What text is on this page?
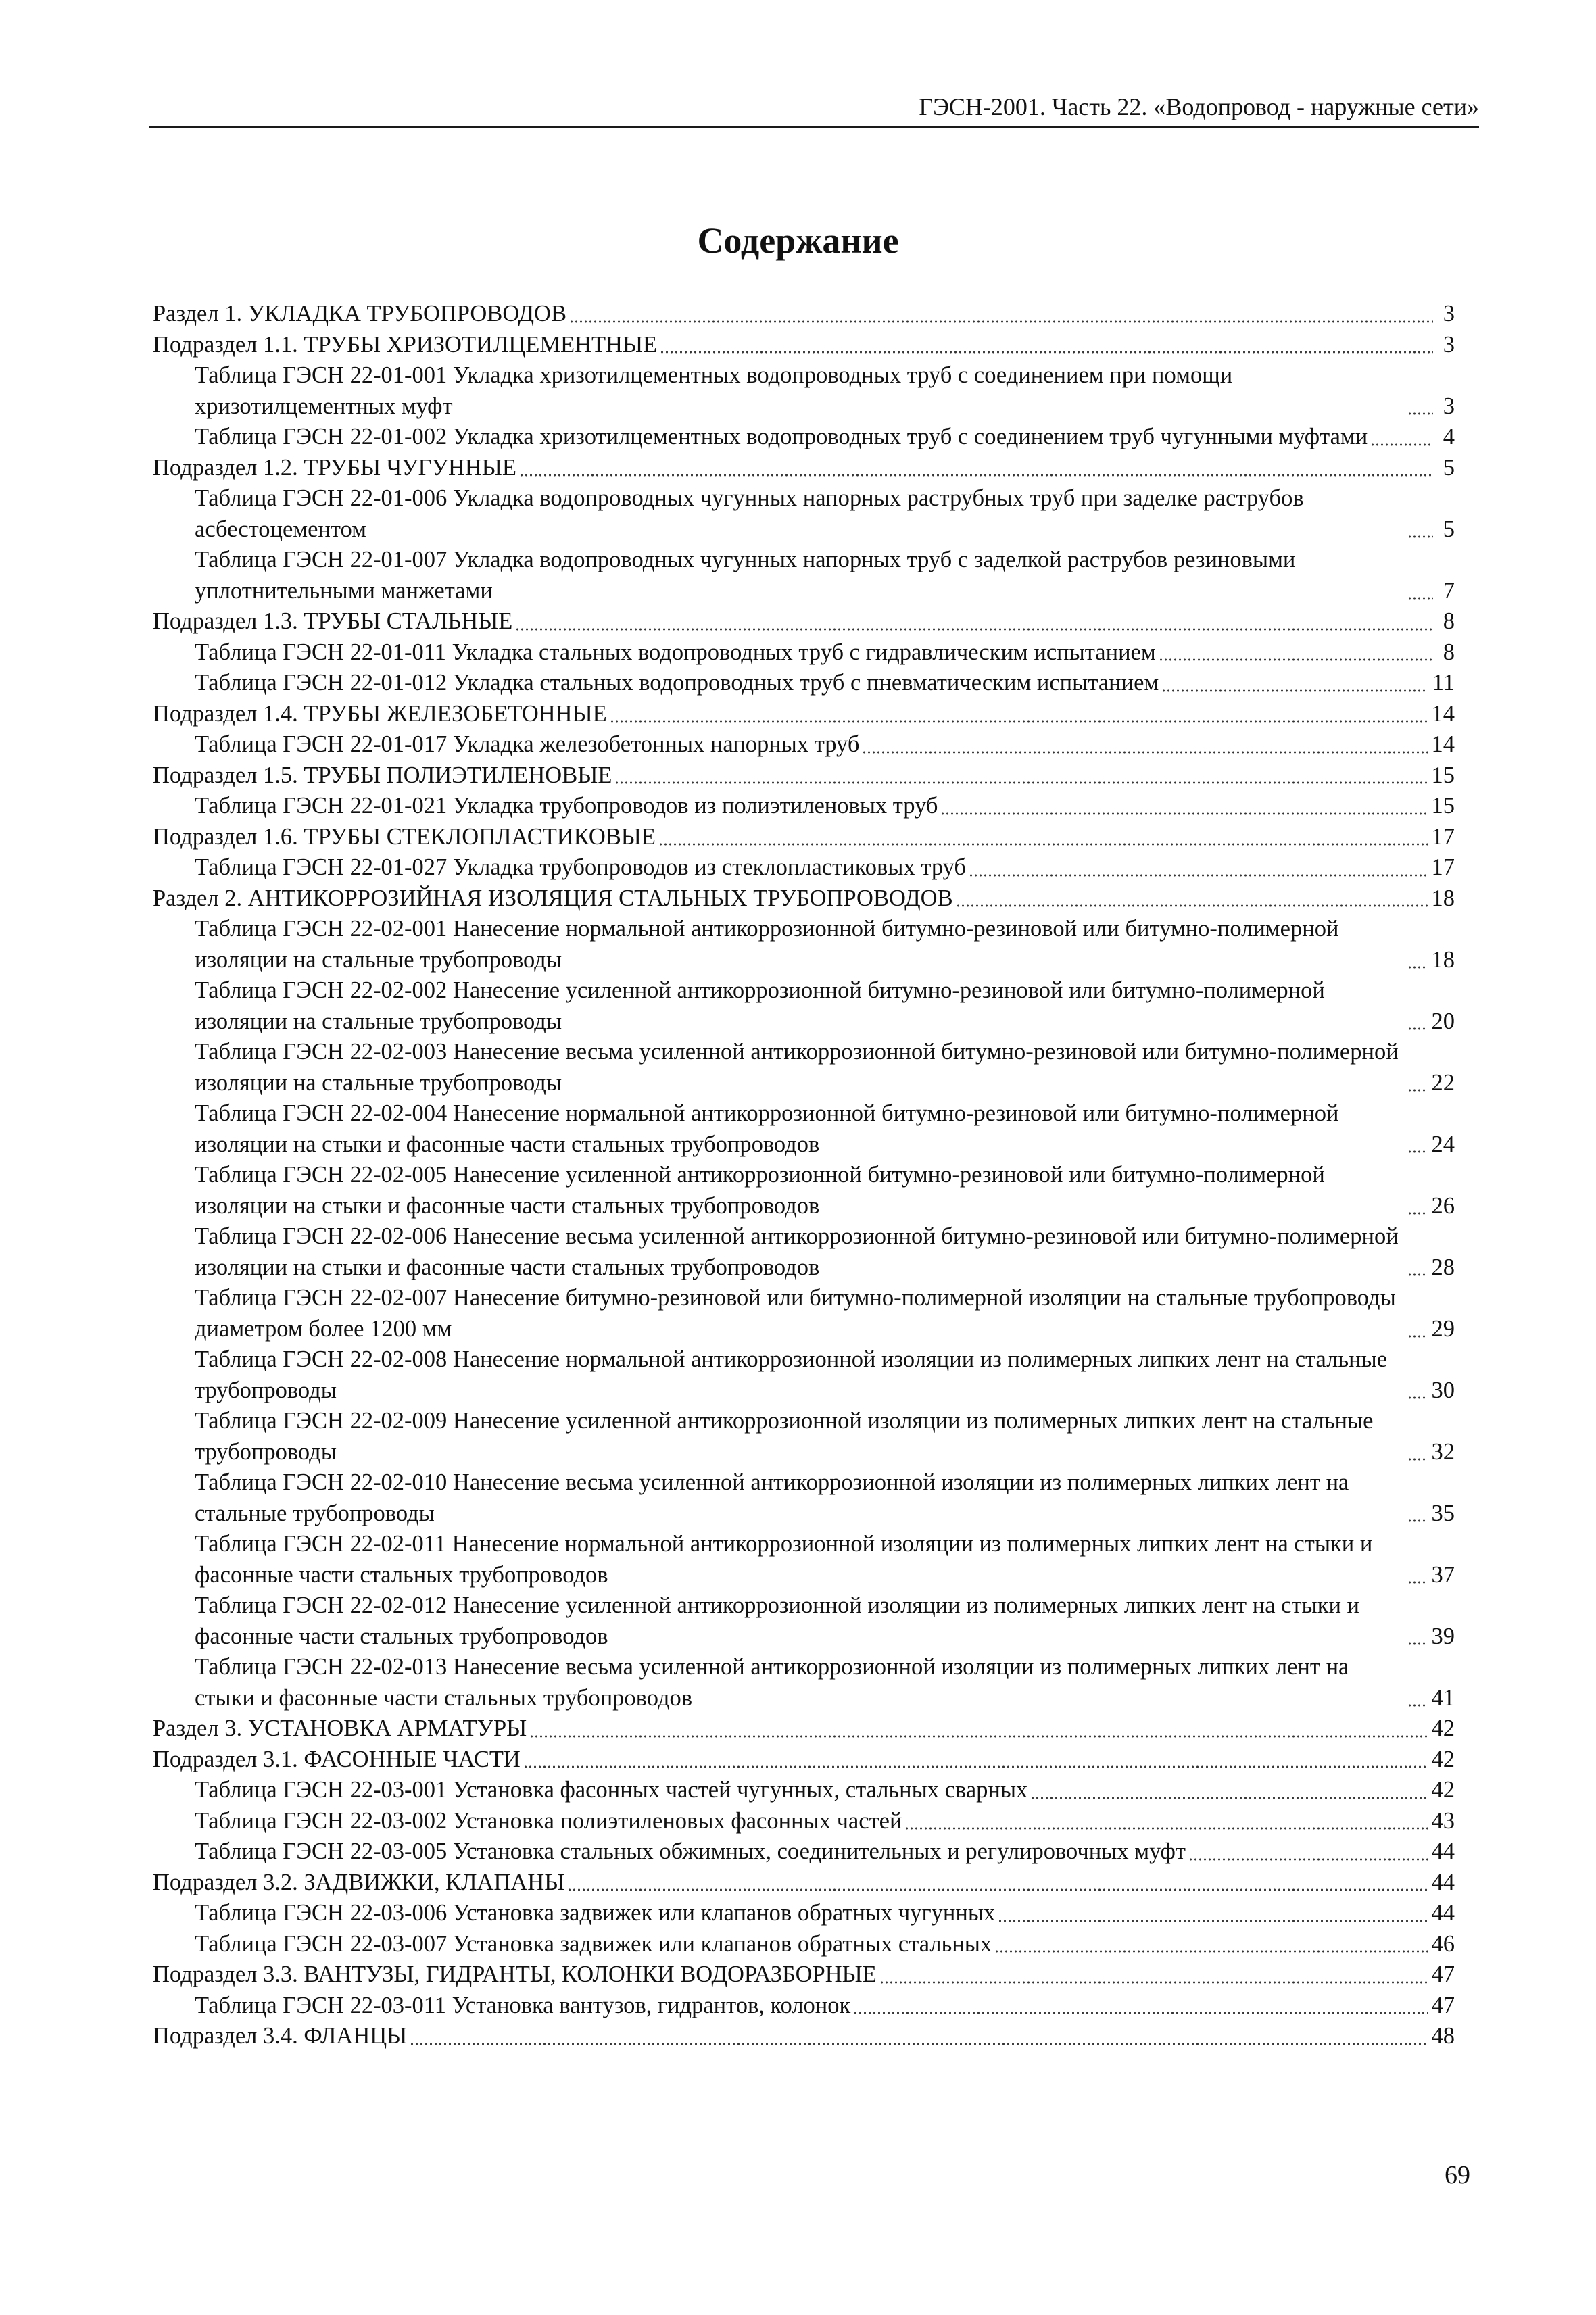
ГЭСН-2001. Часть 22. «Водопровод - наружные сети»
Содержание
Раздел 1. УКЛАДКА ТРУБОПРОВОДОВ	3
Подраздел 1.1. ТРУБЫ ХРИЗОТИЛЦЕМЕНТНЫЕ	3
Таблица ГЭСН 22-01-001 Укладка хризотилцементных водопроводных труб с соединением при помощи хризотилцементных муфт	3
Таблица ГЭСН 22-01-002 Укладка хризотилцементных водопроводных труб с соединением труб чугунными муфтами	4
Подраздел 1.2. ТРУБЫ ЧУГУННЫЕ	5
Таблица ГЭСН 22-01-006 Укладка водопроводных чугунных напорных раструбных труб при заделке раструбов асбестоцементом	5
Таблица ГЭСН 22-01-007 Укладка водопроводных чугунных напорных труб с заделкой раструбов резиновыми уплотнительными манжетами	7
Подраздел 1.3. ТРУБЫ СТАЛЬНЫЕ	8
Таблица ГЭСН 22-01-011 Укладка стальных водопроводных труб с гидравлическим испытанием	8
Таблица ГЭСН 22-01-012 Укладка стальных водопроводных труб с пневматическим испытанием	11
Подраздел 1.4. ТРУБЫ ЖЕЛЕЗОБЕТОННЫЕ	14
Таблица ГЭСН 22-01-017 Укладка железобетонных напорных труб	14
Подраздел 1.5. ТРУБЫ ПОЛИЭТИЛЕНОВЫЕ	15
Таблица ГЭСН 22-01-021 Укладка трубопроводов из полиэтиленовых труб	15
Подраздел 1.6. ТРУБЫ СТЕКЛОПЛАСТИКОВЫЕ	17
Таблица ГЭСН 22-01-027 Укладка трубопроводов из стеклопластиковых труб	17
Раздел 2. АНТИКОРРОЗИЙНАЯ ИЗОЛЯЦИЯ СТАЛЬНЫХ ТРУБОПРОВОДОВ	18
Таблица ГЭСН 22-02-001 Нанесение нормальной антикоррозионной битумно-резиновой или битумно-полимерной изоляции на стальные трубопроводы	18
Таблица ГЭСН 22-02-002 Нанесение усиленной антикоррозионной битумно-резиновой или битумно-полимерной изоляции на стальные трубопроводы	20
Таблица ГЭСН 22-02-003 Нанесение весьма усиленной антикоррозионной битумно-резиновой или битумно-полимерной изоляции на стальные трубопроводы	22
Таблица ГЭСН 22-02-004 Нанесение нормальной антикоррозионной битумно-резиновой или битумно-полимерной изоляции на стыки и фасонные части стальных трубопроводов	24
Таблица ГЭСН 22-02-005 Нанесение усиленной антикоррозионной битумно-резиновой или битумно-полимерной изоляции на стыки и фасонные части стальных трубопроводов	26
Таблица ГЭСН 22-02-006 Нанесение весьма усиленной антикоррозионной битумно-резиновой или битумно-полимерной изоляции на стыки и фасонные части стальных трубопроводов	28
Таблица ГЭСН 22-02-007 Нанесение битумно-резиновой или битумно-полимерной изоляции на стальные трубопроводы диаметром более 1200 мм	29
Таблица ГЭСН 22-02-008 Нанесение нормальной антикоррозионной изоляции из полимерных липких лент на стальные трубопроводы	30
Таблица ГЭСН 22-02-009 Нанесение усиленной антикоррозионной изоляции из полимерных липких лент на стальные трубопроводы	32
Таблица ГЭСН 22-02-010 Нанесение весьма усиленной антикоррозионной изоляции из полимерных липких лент на стальные трубопроводы	35
Таблица ГЭСН 22-02-011 Нанесение нормальной антикоррозионной изоляции из полимерных липких лент на стыки и фасонные части стальных трубопроводов	37
Таблица ГЭСН 22-02-012 Нанесение усиленной антикоррозионной изоляции из полимерных липких лент на стыки и фасонные части стальных трубопроводов	39
Таблица ГЭСН 22-02-013 Нанесение весьма усиленной антикоррозионной изоляции из полимерных липких лент на стыки и фасонные части стальных трубопроводов	41
Раздел 3. УСТАНОВКА АРМАТУРЫ	42
Подраздел 3.1. ФАСОННЫЕ ЧАСТИ	42
Таблица ГЭСН 22-03-001 Установка фасонных частей чугунных, стальных сварных	42
Таблица ГЭСН 22-03-002 Установка полиэтиленовых фасонных частей	43
Таблица ГЭСН 22-03-005 Установка стальных обжимных, соединительных и регулировочных муфт	44
Подраздел 3.2. ЗАДВИЖКИ, КЛАПАНЫ	44
Таблица ГЭСН 22-03-006 Установка задвижек или клапанов обратных чугунных	44
Таблица ГЭСН 22-03-007 Установка задвижек или клапанов обратных стальных	46
Подраздел 3.3. ВАНТУЗЫ, ГИДРАНТЫ, КОЛОНКИ ВОДОРАЗБОРНЫЕ	47
Таблица ГЭСН 22-03-011 Установка вантузов, гидрантов, колонок	47
Подраздел 3.4. ФЛАНЦЫ	48
69
